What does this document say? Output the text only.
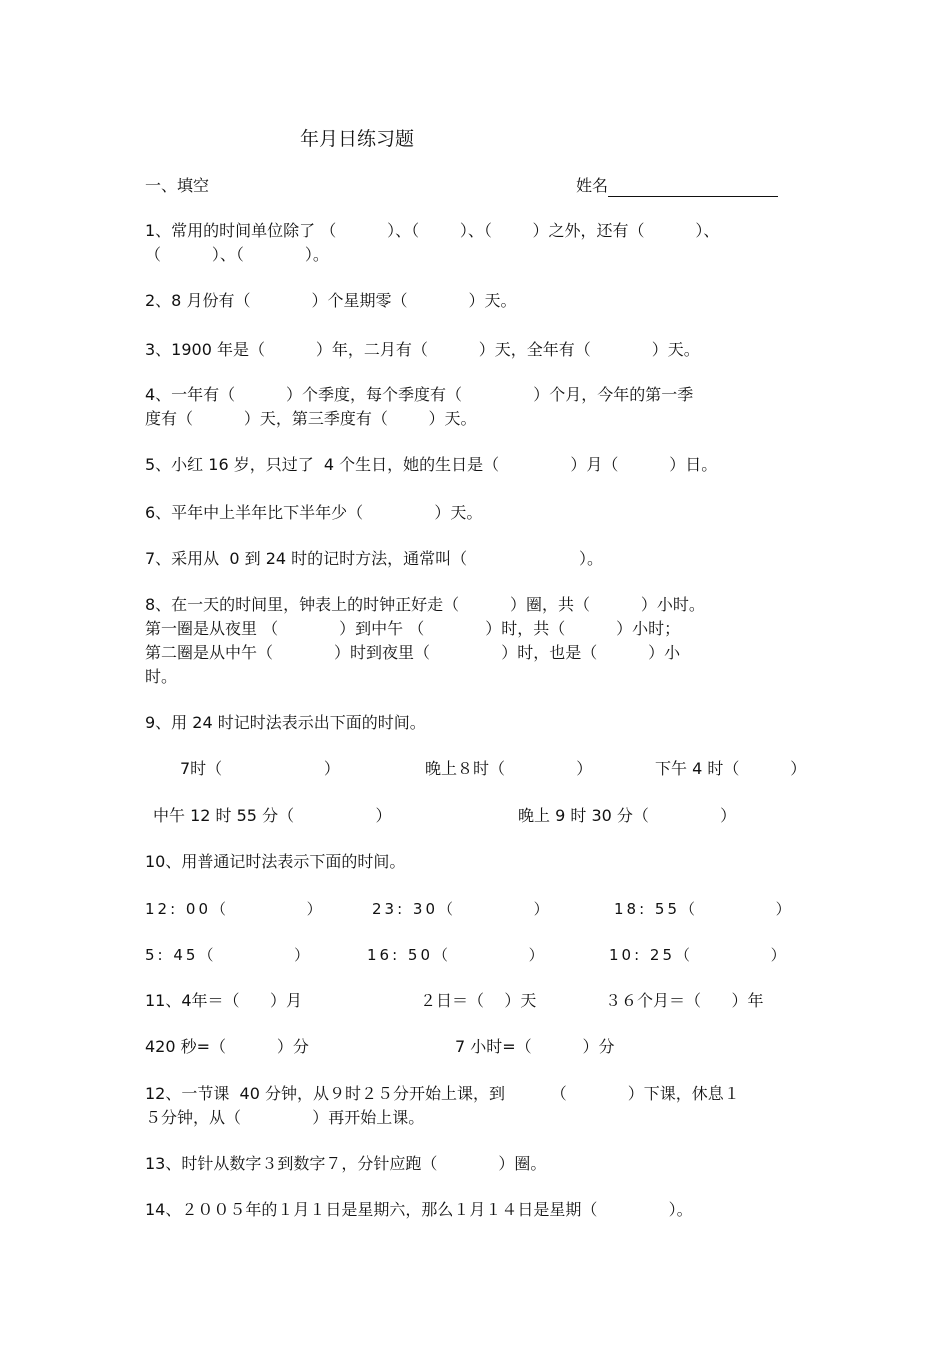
年月日练习题
一、填空	姓名
1、常用的时间单位除了 （          ）、（        ）、（        ）之外，还有（          ）、
（          ）、（            ）。
2、8 月份有（            ）个星期零（            ）天。
3、1900 年是（          ）年，二月有（          ）天，全年有（            ）天。
4、一年有（          ）个季度，每个季度有（              ）个月，今年的第一季
度有（          ）天，第三季度有（        ）天。
5、小红 16 岁，只过了  4 个生日，她的生日是（              ）月（          ）日。
6、平年中上半年比下半年少（              ）天。
7、采用从  0 到 24 时的记时方法，通常叫（                      ）。
8、在一天的时间里，钟表上的时钟正好走（          ）圈，共（          ）小时。
第一圈是从夜里 （            ）到中午 （            ）时，共（          ）小时；
第二圈是从中午（            ）时到夜里（              ）时，也是（          ）小
时。
9、用 24 时记时法表示出下面的时间。
7时（                    ）	晚上８时（              ）	下午 4 时（          ）
中午 12 时 55 分（                ）	晚上 9 时 30 分（              ）
10、用普通记时法表示下面的时间。
12: 00（          ）	23: 30（          ）	18: 55（          ）
5: 45（          ）	16: 50（          ）	10: 25（          ）
11、4年＝（      ）月	２日＝（    ）天	３６个月＝（      ）年
420 秒=（          ）分	7 小时=（          ）分
12、一节课  40 分钟，从９时２５分开始上课，到         （            ）下课，休息１
５分钟，从（              ）再开始上课。
13、时针从数字３到数字７，分针应跑（            ）圈。
14、２００５年的１月１日是星期六，那么１月１４日是星期（              ）。
